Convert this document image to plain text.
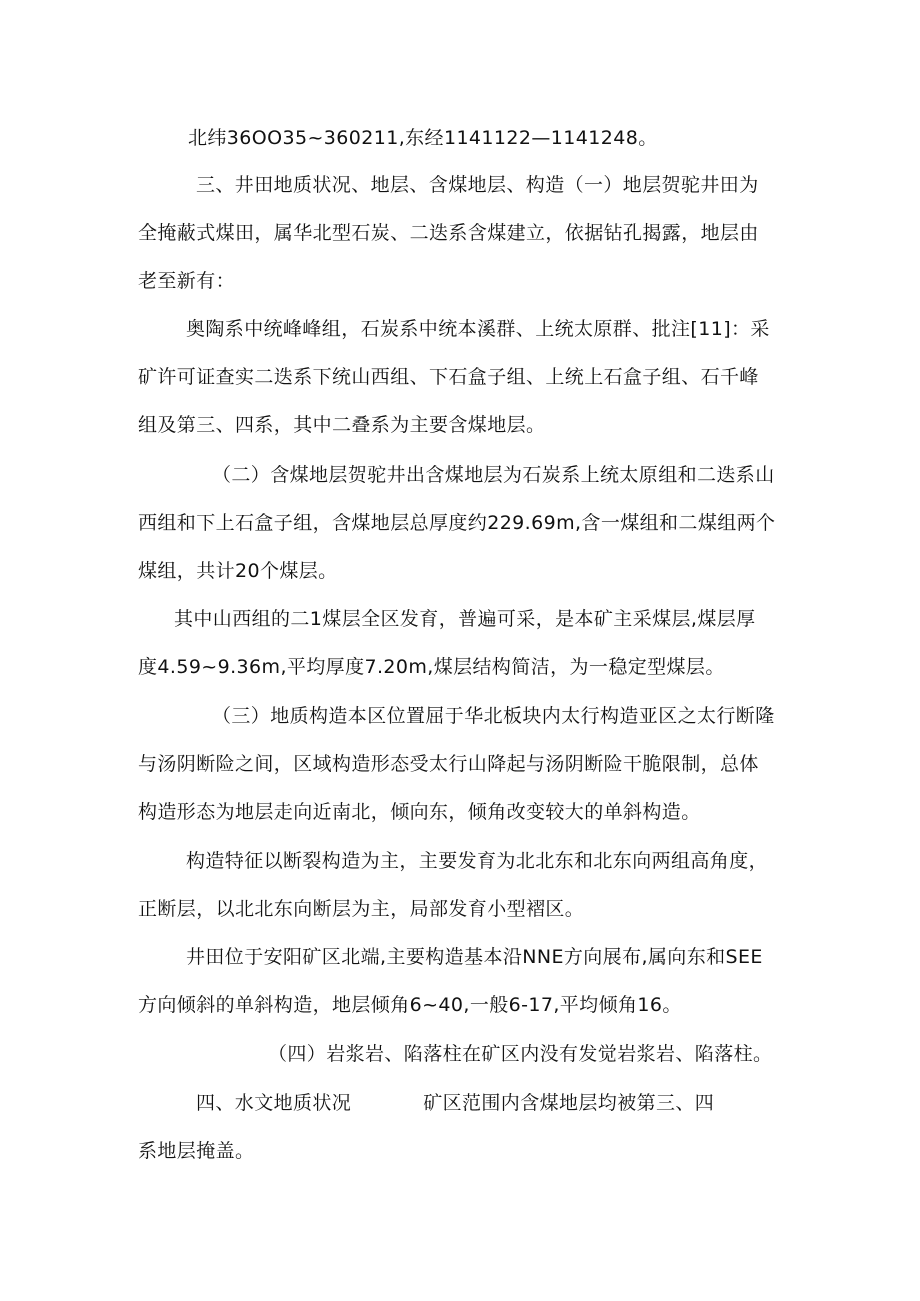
北纬36OO35~360211,东经1141122—1141248。
三、井田地质状况、地层、含煤地层、构造（一）地层贺驼井田为
全掩蔽式煤田，属华北型石炭、二迭系含煤建立，依据钻孔揭露，地层由
老至新有：
奥陶系中统峰峰组，石炭系中统本溪群、上统太原群、批注[11]：采
矿许可证查实二迭系下统山西组、下石盒子组、上统上石盒子组、石千峰
组及第三、四系，其中二叠系为主要含煤地层。
（二）含煤地层贺驼井出含煤地层为石炭系上统太原组和二迭系山
西组和下上石盒子组，含煤地层总厚度约229.69m,含一煤组和二煤组两个
煤组，共计20个煤层。
其中山西组的二1煤层全区发育，普遍可采，是本矿主采煤层,煤层厚
度4.59~9.36m,平均厚度7.20m,煤层结构简洁，为一稳定型煤层。
（三）地质构造本区位置屈于华北板块内太行构造亚区之太行断隆
与汤阴断险之间，区域构造形态受太行山降起与汤阴断险干脆限制，总体
构造形态为地层走向近南北，倾向东，倾角改变较大的单斜构造。
构造特征以断裂构造为主，主要发育为北北东和北东向两组高角度，
正断层，以北北东向断层为主，局部发育小型褶区。
井田位于安阳矿区北端,主要构造基本沿NNE方向展布,属向东和SEE
方向倾斜的单斜构造，地层倾角6~40,一般6-17,平均倾角16。
（四）岩浆岩、陷落柱在矿区内没有发觉岩浆岩、陷落柱。
四、水文地质状况	矿区范围内含煤地层均被第三、四
系地层掩盖。
